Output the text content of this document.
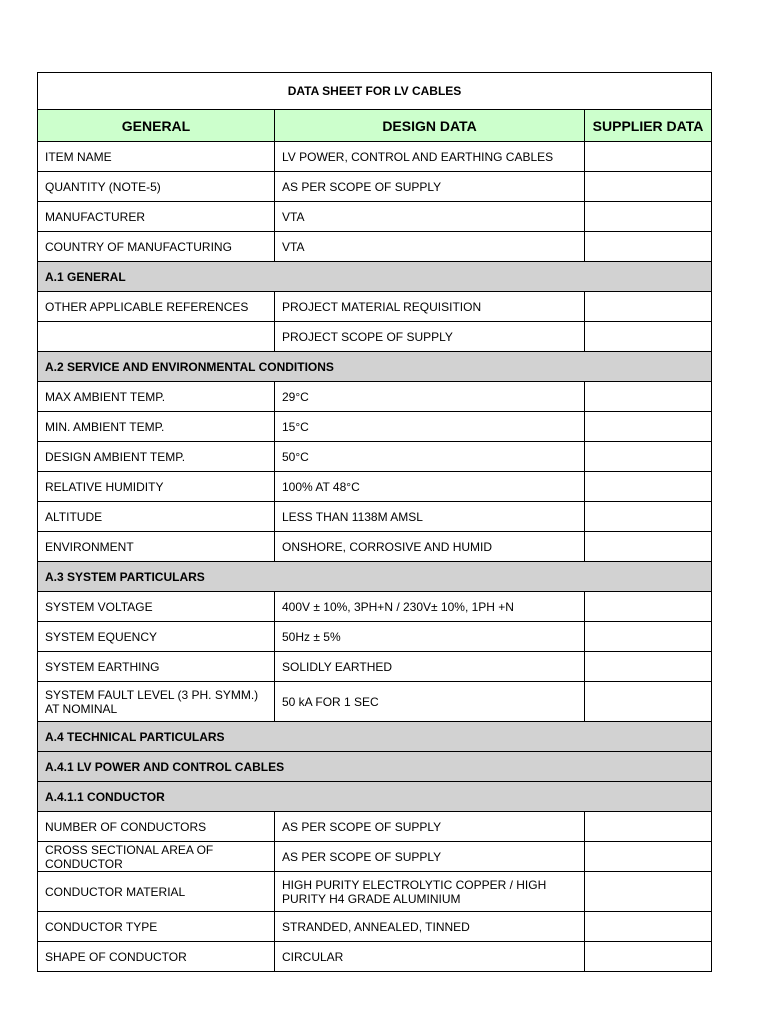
DATA SHEET FOR LV CABLES		
GENERAL	DESIGN DATA	SUPPLIER DATA
ITEM NAME	LV POWER, CONTROL AND EARTHING CABLES	
QUANTITY (NOTE-5)	AS PER SCOPE OF SUPPLY	
MANUFACTURER	VTA	
COUNTRY OF MANUFACTURING	VTA	
A.1 GENERAL		
OTHER APPLICABLE REFERENCES	PROJECT MATERIAL REQUISITION	
	PROJECT SCOPE OF SUPPLY	
A.2 SERVICE AND ENVIRONMENTAL CONDITIONS		
MAX AMBIENT TEMP.	29°C	
MIN. AMBIENT TEMP.	15°C	
DESIGN AMBIENT TEMP.	50°C	
RELATIVE HUMIDITY	100% AT 48°C	
ALTITUDE	LESS THAN 1138M AMSL	
ENVIRONMENT	ONSHORE, CORROSIVE AND HUMID	
A.3 SYSTEM PARTICULARS		
SYSTEM VOLTAGE	400V ± 10%, 3PH+N / 230V± 10%, 1PH +N	
SYSTEM EQUENCY	50Hz ± 5%	
SYSTEM EARTHING	SOLIDLY EARTHED	
SYSTEM FAULT LEVEL (3 PH. SYMM.) AT NOMINAL	50 kA FOR 1 SEC	
A.4 TECHNICAL PARTICULARS		
A.4.1 LV POWER AND CONTROL CABLES		
A.4.1.1 CONDUCTOR		
NUMBER OF CONDUCTORS	AS PER SCOPE OF SUPPLY	
CROSS SECTIONAL AREA OF CONDUCTOR	AS PER SCOPE OF SUPPLY	
CONDUCTOR MATERIAL	HIGH PURITY ELECTROLYTIC COPPER / HIGH PURITY H4 GRADE ALUMINIUM	
CONDUCTOR TYPE	STRANDED, ANNEALED, TINNED	
SHAPE OF CONDUCTOR	CIRCULAR	
